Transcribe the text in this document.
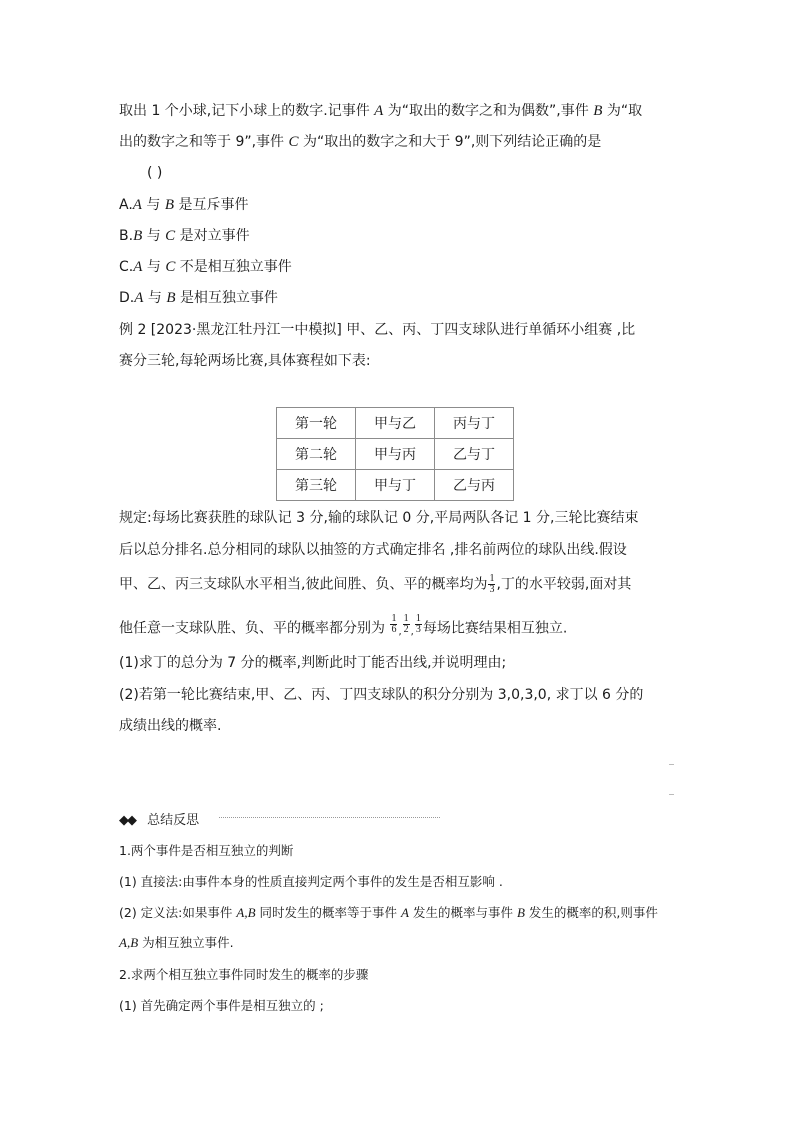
取出 1 个小球,记下小球上的数字.记事件 A 为“取出的数字之和为偶数”,事件 B 为“取
出的数字之和等于 9”,事件 C 为“取出的数字之和大于 9”,则下列结论正确的是
( )
A.A 与 B 是互斥事件
B.B 与 C 是对立事件
C.A 与 C 不是相互独立事件
D.A 与 B 是相互独立事件
例 2 [2023·黑龙江牡丹江一中模拟] 甲、乙、丙、丁四支球队进行单循环小组赛 ,比
赛分三轮,每轮两场比赛,具体赛程如下表:
第一轮	甲与乙	丙与丁
第二轮	甲与丙	乙与丁
第三轮	甲与丁	乙与丙
规定:每场比赛获胜的球队记 3 分,输的球队记 0 分,平局两队各记 1 分,三轮比赛结束
后以总分排名.总分相同的球队以抽签的方式确定排名 ,排名前两位的球队出线.假设
甲、乙、丙三支球队水平相当,彼此间胜、负、平的概率均为 $\frac{1}{3}$ ,丁的水平较弱,面对其
他任意一支球队胜、负、平的概率都分别为 $\frac{1}{6} _, \frac{1}{2} _, \frac{1}{3}$ 每场比赛结果相互独立.
(1)求丁的总分为 7 分的概率,判断此时丁能否出线,并说明理由;
(2)若第一轮比赛结束,甲、乙、丙、丁四支球队的积分分别为 3,0,3,0, 求丁以 6 分的
成绩出线的概率.
◆◆ 总结反思
1.两个事件是否相互独立的判断
(1) 直接法:由事件本身的性质直接判定两个事件的发生是否相互影响 .
(2) 定义法:如果事件 A,B 同时发生的概率等于事件 A 发生的概率与事件 B 发生的概率的积,则事件
A,B 为相互独立事件.
2.求两个相互独立事件同时发生的概率的步骤
(1) 首先确定两个事件是相互独立的 ;
